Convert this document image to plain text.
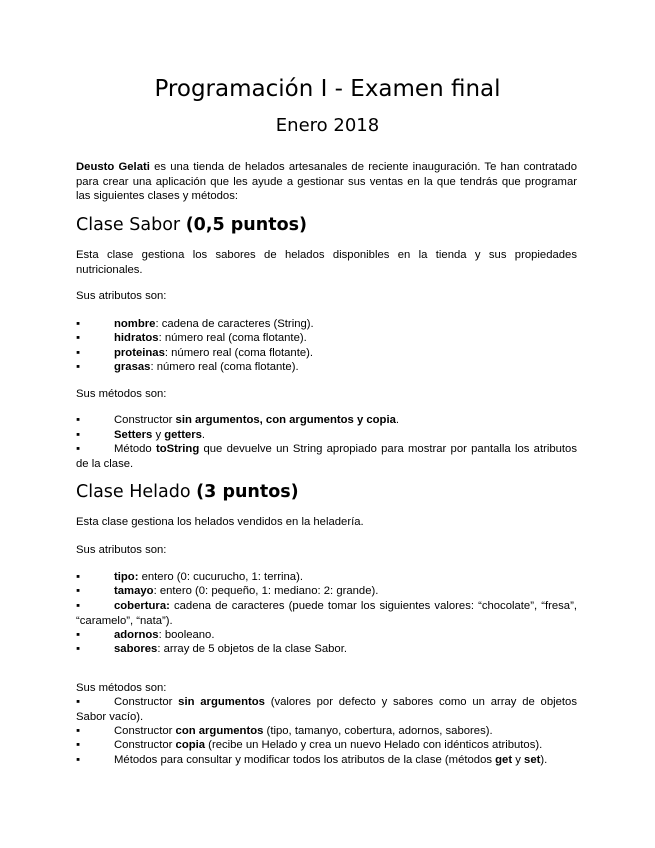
Programación I - Examen final
Enero 2018
Deusto Gelati es una tienda de helados artesanales de reciente inauguración. Te han contratado para crear una aplicación que les ayude a gestionar sus ventas en la que tendrás que programar las siguientes clases y métodos:
Clase Sabor (0,5 puntos)
Esta clase gestiona los sabores de helados disponibles en la tienda y sus propiedades nutricionales.
Sus atributos son:
▪	nombre: cadena de caracteres (String).
▪	hidratos: número real (coma flotante).
▪	proteinas: número real (coma flotante).
▪	grasas: número real (coma flotante).
Sus métodos son:
▪	Constructor sin argumentos, con argumentos y copia.
▪	Setters y getters.
▪	Método toString que devuelve un String apropiado para mostrar por pantalla los atributos de la clase.
Clase Helado (3 puntos)
Esta clase gestiona los helados vendidos en la heladería.
Sus atributos son:
▪	tipo: entero (0: cucurucho, 1: terrina).
▪	tamayo: entero (0: pequeño, 1: mediano: 2: grande).
▪	cobertura: cadena de caracteres (puede tomar los siguientes valores: “chocolate”, “fresa”, “caramelo”, “nata”).
▪	adornos: booleano.
▪	sabores: array de 5 objetos de la clase Sabor.
Sus métodos son:
▪	Constructor sin argumentos (valores por defecto y sabores como un array de objetos Sabor vacío).
▪	Constructor con argumentos (tipo, tamanyo, cobertura, adornos, sabores).
▪	Constructor copia (recibe un Helado y crea un nuevo Helado con idénticos atributos).
▪	Métodos para consultar y modificar todos los atributos de la clase (métodos get y set).
